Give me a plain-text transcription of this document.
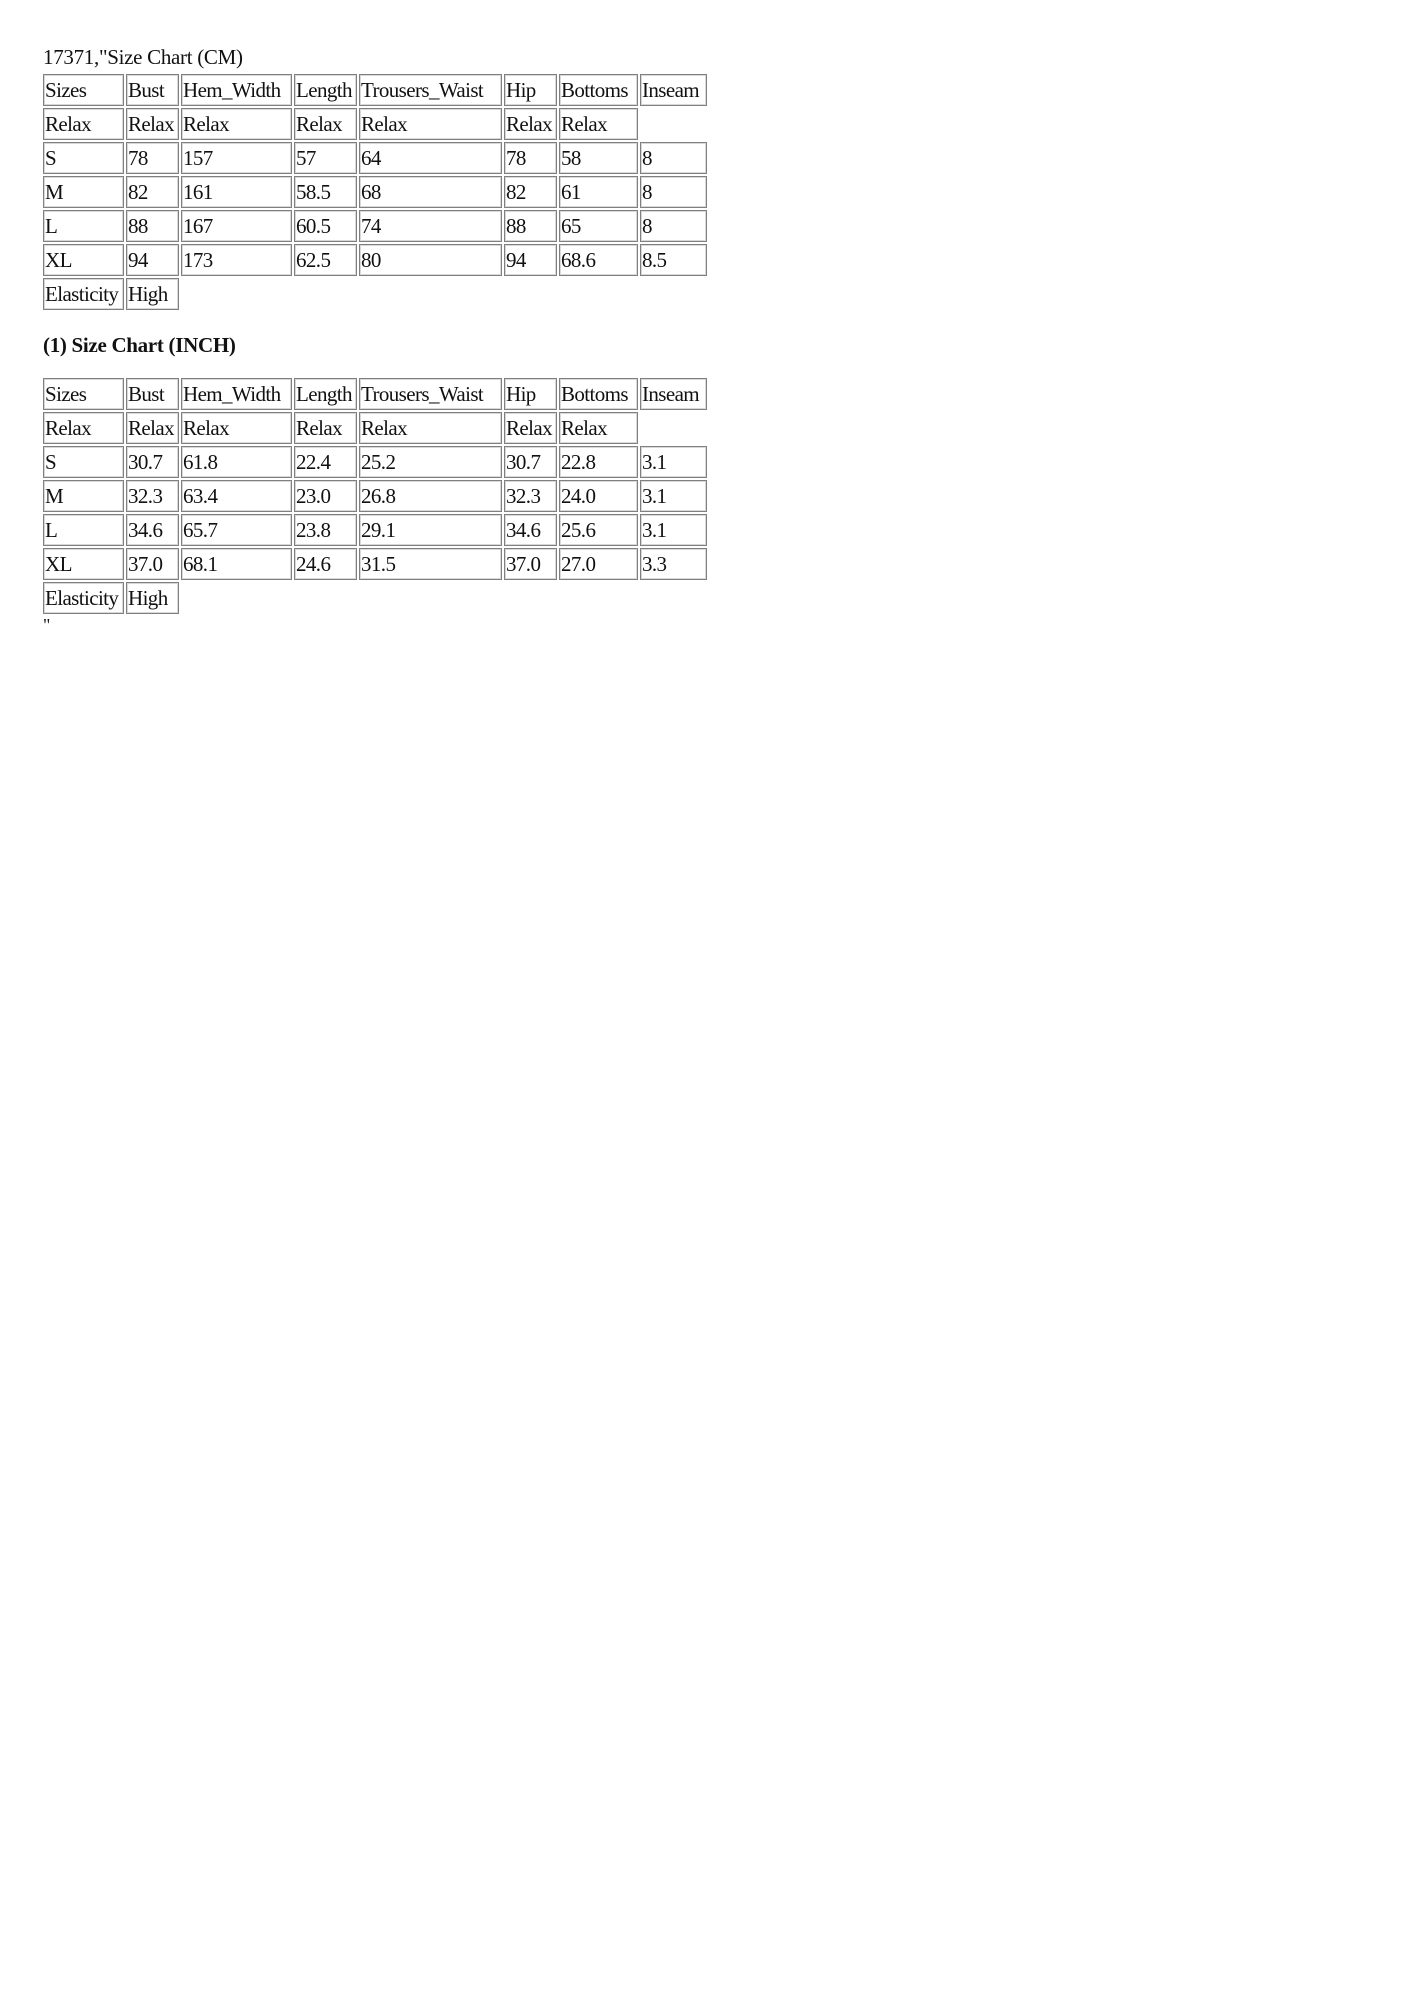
17371,"Size Chart (CM)
Sizes	Bust	Hem_Width	Length	Trousers_Waist	Hip	Bottoms	Inseam
Relax	Relax	Relax	Relax	Relax	Relax	Relax	
S	78	157	57	64	78	58	8
M	82	161	58.5	68	82	61	8
L	88	167	60.5	74	88	65	8
XL	94	173	62.5	80	94	68.6	8.5
Elasticity	High						
(1) Size Chart (INCH)
Sizes	Bust	Hem_Width	Length	Trousers_Waist	Hip	Bottoms	Inseam
Relax	Relax	Relax	Relax	Relax	Relax	Relax	
S	30.7	61.8	22.4	25.2	30.7	22.8	3.1
M	32.3	63.4	23.0	26.8	32.3	24.0	3.1
L	34.6	65.7	23.8	29.1	34.6	25.6	3.1
XL	37.0	68.1	24.6	31.5	37.0	27.0	3.3
Elasticity	High						
"
